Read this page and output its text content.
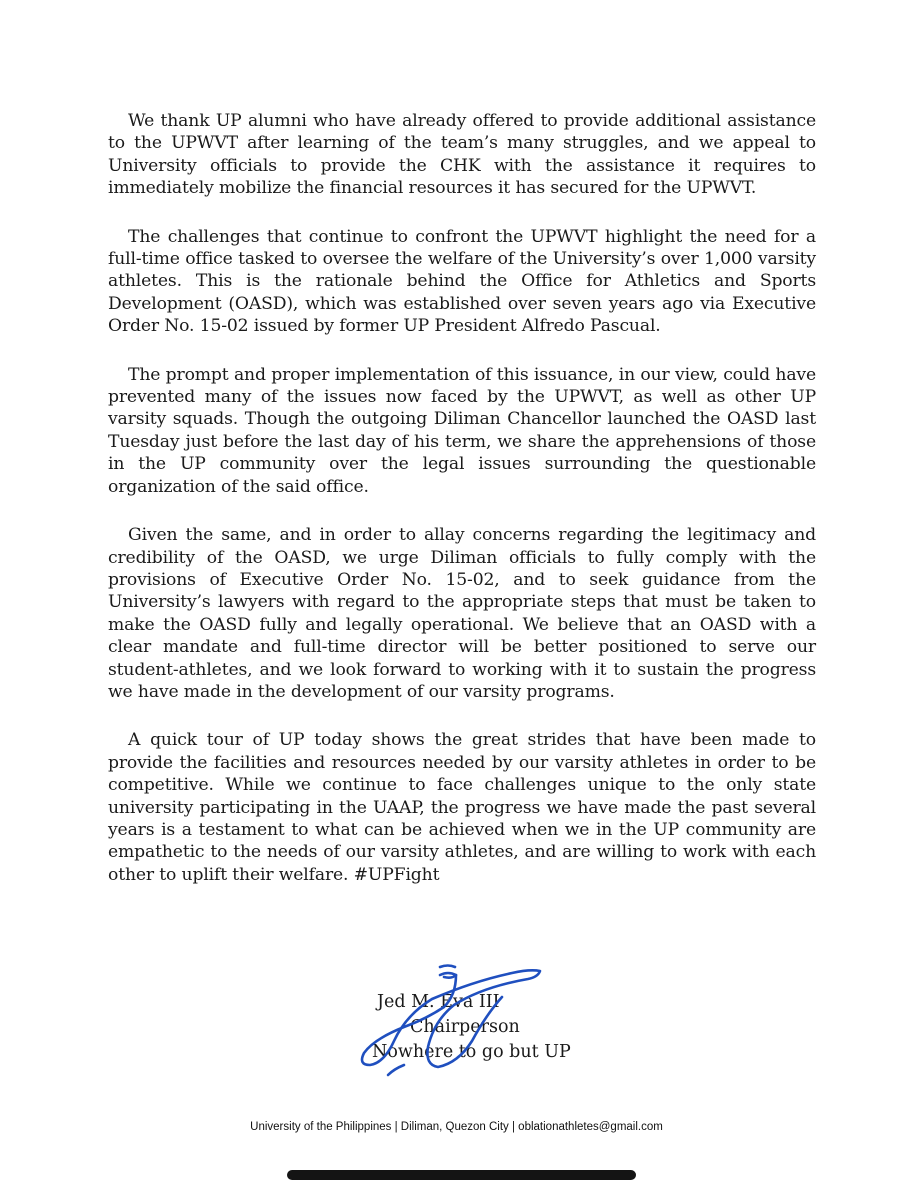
We thank UP alumni who have already offered to provide additional assistance to the UPWVT after learning of the team’s many struggles, and we appeal to University officials to provide the CHK with the assistance it requires to immediately mobilize the financial resources it has secured for the UPWVT.

The challenges that continue to confront the UPWVT highlight the need for a full-time office tasked to oversee the welfare of the University’s over 1,000 varsity athletes. This is the rationale behind the Office for Athletics and Sports Development (OASD), which was established over seven years ago via Executive Order No. 15-02 issued by former UP President Alfredo Pascual.

The prompt and proper implementation of this issuance, in our view, could have prevented many of the issues now faced by the UPWVT, as well as other UP varsity squads. Though the outgoing Diliman Chancellor launched the OASD last Tuesday just before the last day of his term, we share the apprehensions of those in the UP community over the legal issues surrounding the questionable organization of the said office.

Given the same, and in order to allay concerns regarding the legitimacy and credibility of the OASD, we urge Diliman officials to fully comply with the provisions of Executive Order No. 15-02, and to seek guidance from the University’s lawyers with regard to the appropriate steps that must be taken to make the OASD fully and legally operational. We believe that an OASD with a clear mandate and full-time director will be better positioned to serve our student-athletes, and we look forward to working with it to sustain the progress we have made in the development of our varsity programs.

A quick tour of UP today shows the great strides that have been made to provide the facilities and resources needed by our varsity athletes in order to be competitive. While we continue to face challenges unique to the only state university participating in the UAAP, the progress we have made the past several years is a testament to what can be achieved when we in the UP community are empathetic to the needs of our varsity athletes, and are willing to work with each other to uplift their welfare. #UPFight

Jed M. Eva III
Chairperson
Nowhere to go but UP
University of the Philippines | Diliman, Quezon City | oblationathletes@gmail.com
